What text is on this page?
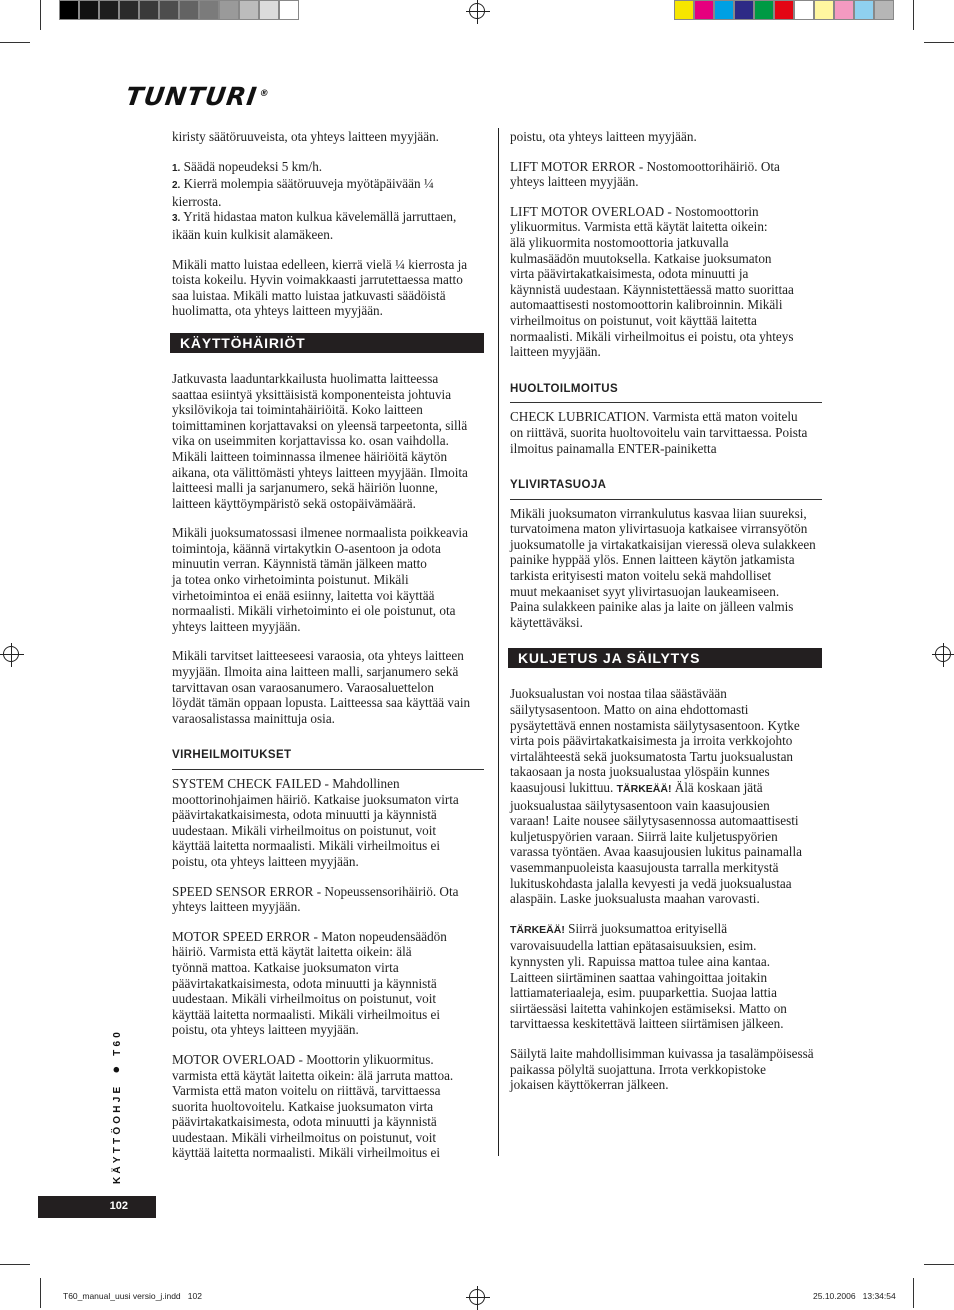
TUNTURI®

kiristy säätöruuveista, ota yhteys laitteen myyjään.

1. Säädä nopeudeksi 5 km/h.
2. Kierrä molempia säätöruuveja myötäpäivään ¼
kierrosta.
3. Yritä hidastaa maton kulkua kävelemällä jarruttaen,
ikään kuin kulkisit alamäkeen.

Mikäli matto luistaa edelleen, kierrä vielä ¼ kierrosta ja
toista kokeilu. Hyvin voimakkaasti jarrutettaessa matto
saa luistaa. Mikäli matto luistaa jatkuvasti säädöistä
huolimatta, ota yhteys laitteen myyjään.

KÄYTTÖHÄIRIÖT

Jatkuvasta laaduntarkkailusta huolimatta laitteessa
saattaa esiintyä yksittäisistä komponenteista johtuvia
yksilövikoja tai toimintahäiriöitä. Koko laitteen
toimittaminen korjattavaksi on yleensä tarpeetonta, sillä
vika on useimmiten korjattavissa ko. osan vaihdolla.
Mikäli laitteen toiminnassa ilmenee häiriöitä käytön
aikana, ota välittömästi yhteys laitteen myyjään. Ilmoita
laitteesi malli ja sarjanumero, sekä häiriön luonne,
laitteen käyttöympäristö sekä ostopäivämäärä.

Mikäli juoksumatossasi ilmenee normaalista poikkeavia
toimintoja, käännä virtakytkin O-asentoon ja odota
minuutin verran. Käynnistä tämän jälkeen matto
ja totea onko virhetoiminta poistunut. Mikäli
virhetoimintoa ei enää esiinny, laitetta voi käyttää
normaalisti. Mikäli virhetoiminto ei ole poistunut, ota
yhteys laitteen myyjään.

Mikäli tarvitset laitteeseesi varaosia, ota yhteys laitteen
myyjään. Ilmoita aina laitteen malli, sarjanumero sekä
tarvittavan osan varaosanumero. Varaosaluettelon
löydät tämän oppaan lopusta. Laitteessa saa käyttää vain
varaosalistassa mainittuja osia.

VIRHEILMOITUKSET

SYSTEM CHECK FAILED - Mahdollinen
moottorinohjaimen häiriö. Katkaise juoksumaton virta
päävirtakatkaisimesta, odota minuutti ja käynnistä
uudestaan. Mikäli virheilmoitus on poistunut, voit
käyttää laitetta normaalisti. Mikäli virheilmoitus ei
poistu, ota yhteys laitteen myyjään.

SPEED SENSOR ERROR - Nopeussensorihäiriö. Ota
yhteys laitteen myyjään.

MOTOR SPEED ERROR - Maton nopeudensäädön
häiriö. Varmista että käytät laitetta oikein: älä
työnnä mattoa. Katkaise juoksumaton virta
päävirtakatkaisimesta, odota minuutti ja käynnistä
uudestaan. Mikäli virheilmoitus on poistunut, voit
käyttää laitetta normaalisti. Mikäli virheilmoitus ei
poistu, ota yhteys laitteen myyjään.

MOTOR OVERLOAD - Moottorin ylikuormitus.
varmista että käytät laitetta oikein: älä jarruta mattoa.
Varmista että maton voitelu on riittävä, tarvittaessa
suorita huoltovoitelu. Katkaise juoksumaton virta
päävirtakatkaisimesta, odota minuutti ja käynnistä
uudestaan. Mikäli virheilmoitus on poistunut, voit
käyttää laitetta normaalisti. Mikäli virheilmoitus ei

poistu, ota yhteys laitteen myyjään.

LIFT MOTOR ERROR - Nostomoottorihäiriö. Ota
yhteys laitteen myyjään.

LIFT MOTOR OVERLOAD - Nostomoottorin
ylikuormitus. Varmista että käytät laitetta oikein:
älä ylikuormita nostomoottoria jatkuvalla
kulmasäädön muutoksella. Katkaise juoksumaton
virta päävirtakatkaisimesta, odota minuutti ja
käynnistä uudestaan. Käynnistettäessä matto suorittaa
automaattisesti nostomoottorin kalibroinnin. Mikäli
virheilmoitus on poistunut, voit käyttää laitetta
normaalisti. Mikäli virheilmoitus ei poistu, ota yhteys
laitteen myyjään.

HUOLTOILMOITUS

CHECK LUBRICATION. Varmista että maton voitelu
on riittävä, suorita huoltovoitelu vain tarvittaessa. Poista
ilmoitus painamalla ENTER-painiketta

YLIVIRTASUOJA

Mikäli juoksumaton virrankulutus kasvaa liian suureksi,
turvatoimena maton ylivirtasuoja katkaisee virransyötön
juoksumatolle ja virtakatkaisijan vieressä oleva sulakkeen
painike hyppää ylös. Ennen laitteen käytön jatkamista
tarkista erityisesti maton voitelu sekä mahdolliset
muut mekaaniset syyt ylivirtasuojan laukeamiseen.
Paina sulakkeen painike alas ja laite on jälleen valmis
käytettäväksi.

KULJETUS JA SÄILYTYS

Juoksualustan voi nostaa tilaa säästävään
säilytysasentoon. Matto on aina ehdottomasti
pysäytettävä ennen nostamista säilytysasentoon. Kytke
virta pois päävirtakatkaisimesta ja irroita verkkojohto
virtalähteestä sekä juoksumatosta Tartu juoksualustan
takaosaan ja nosta juoksualustaa ylöspäin kunnes
kaasujousi lukittuu. TÄRKEÄÄ! Älä koskaan jätä
juoksualustaa säilytysasentoon vain kaasujousien
varaan! Laite nousee säilytysasennossa automaattisesti
kuljetuspyörien varaan. Siirrä laite kuljetuspyörien
varassa työntäen. Avaa kaasujousien lukitus painamalla
vasemmanpuoleista kaasujousta tarralla merkitystä
lukituskohdasta jalalla kevyesti ja vedä juoksualustaa
alaspäin. Laske juoksualusta maahan varovasti.

TÄRKEÄÄ! Siirrä juoksumattoa erityisellä
varovaisuudella lattian epätasaisuuksien, esim.
kynnysten yli. Rapuissa mattoa tulee aina kantaa.
Laitteen siirtäminen saattaa vahingoittaa joitakin
lattiamateriaaleja, esim. puuparkettia. Suojaa lattia
siirtäessäsi laitetta vahinkojen estämiseksi. Matto on
tarvittaessa keskitettävä laitteen siirtämisen jälkeen.

Säilytä laite mahdollisimman kuivassa ja tasalämpöisessä
paikassa pölyltä suojattuna. Irrota verkkopistoke
jokaisen käyttökerran jälkeen.

KÄYTTÖOHJE ● T60
102
T60_manual_uusi versio_j.indd   102	25.10.2006   13:34:54
